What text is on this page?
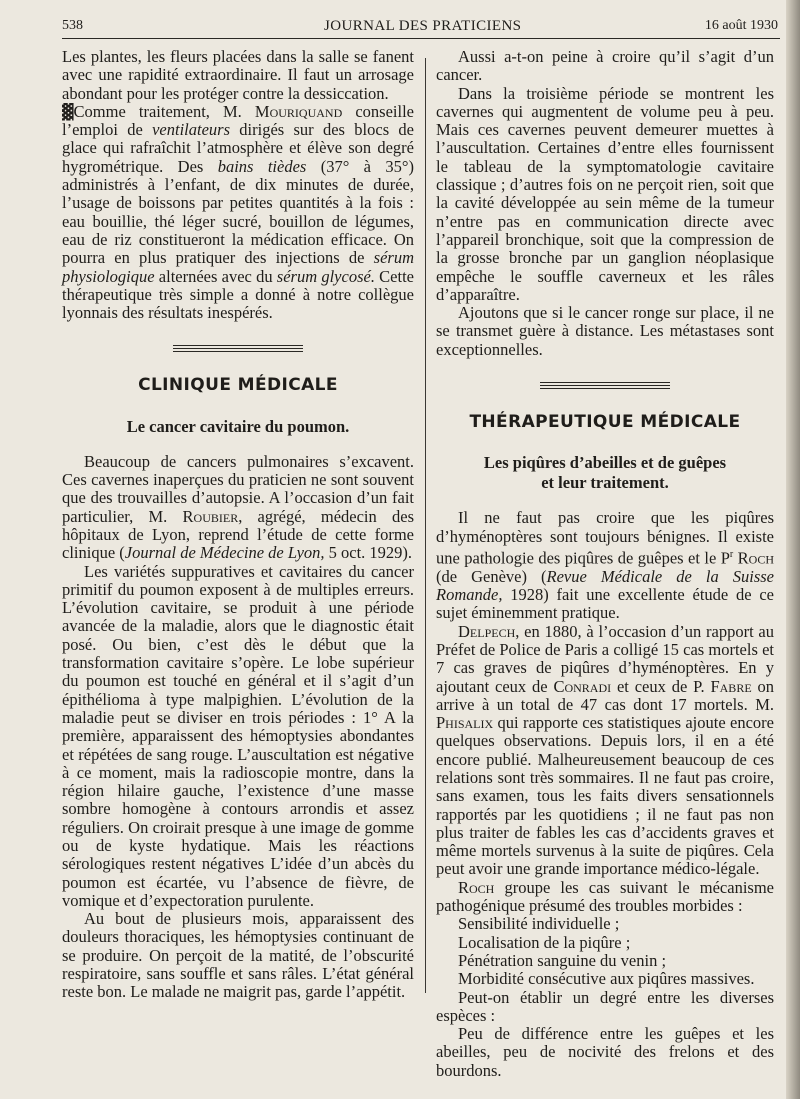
538	JOURNAL DES PRATICIENS	16 août 1930

Les plantes, les fleurs placées dans la salle se fanent avec une rapidité extraordinaire. Il faut un arrosage abondant pour les protéger contre la dessiccation.

▓Comme traitement, M. Mouriquand conseille l’emploi de ventilateurs dirigés sur des blocs de glace qui rafraîchit l’atmosphère et élève son degré hygrométrique. Des bains tièdes (37° à 35°) administrés à l’enfant, de dix minutes de durée, l’usage de boissons par petites quantités à la fois : eau bouillie, thé léger sucré, bouillon de légumes, eau de riz constitueront la médication efficace. On pourra en plus pratiquer des injections de sérum physiologique alternées avec du sérum glycosé. Cette thérapeutique très simple a donné à notre collègue lyonnais des résultats inespérés.

CLINIQUE MÉDICALE
Le cancer cavitaire du poumon.

Beaucoup de cancers pulmonaires s’excavent. Ces cavernes inaperçues du praticien ne sont souvent que des trouvailles d’autopsie. A l’occasion d’un fait particulier, M. Roubier, agrégé, médecin des hôpitaux de Lyon, reprend l’étude de cette forme clinique (Journal de Médecine de Lyon, 5 oct. 1929).

Les variétés suppuratives et cavitaires du cancer primitif du poumon exposent à de multiples erreurs. L’évolution cavitaire, se produit à une période avancée de la maladie, alors que le diagnostic était posé. Ou bien, c’est dès le début que la transformation cavitaire s’opère. Le lobe supérieur du poumon est touché en général et il s’agit d’un épithélioma à type malpighien. L’évolution de la maladie peut se diviser en trois périodes : 1° A la première, apparaissent des hémoptysies abondantes et répétées de sang rouge. L’auscultation est négative à ce moment, mais la radioscopie montre, dans la région hilaire gauche, l’existence d’une masse sombre homogène à contours arrondis et assez réguliers. On croirait presque à une image de gomme ou de kyste hydatique. Mais les réactions sérologiques restent négatives L’idée d’un abcès du poumon est écartée, vu l’absence de fièvre, de vomique et d’expectoration purulente.

Au bout de plusieurs mois, apparaissent des douleurs thoraciques, les hémoptysies continuant de se produire. On perçoit de la matité, de l’obscurité respiratoire, sans souffle et sans râles. L’état général reste bon. Le malade ne maigrit pas, garde l’appétit.

Aussi a-t-on peine à croire qu’il s’agit d’un cancer.

Dans la troisième période se montrent les cavernes qui augmentent de volume peu à peu. Mais ces cavernes peuvent demeurer muettes à l’auscultation. Certaines d’entre elles fournissent le tableau de la symptomatologie cavitaire classique ; d’autres fois on ne perçoit rien, soit que la cavité développée au sein même de la tumeur n’entre pas en communication directe avec l’appareil bronchique, soit que la compression de la grosse bronche par un ganglion néoplasique empêche le souffle caverneux et les râles d’apparaître.

Ajoutons que si le cancer ronge sur place, il ne se transmet guère à distance. Les métastases sont exceptionnelles.

THÉRAPEUTIQUE MÉDICALE
Les piqûres d’abeilles et de guêpes
et leur traitement.

Il ne faut pas croire que les piqûres d’hyménoptères sont toujours bénignes. Il existe une pathologie des piqûres de guêpes et le $P^r$ Roch (de Genève) (Revue Médicale de la Suisse Romande, 1928) fait une excellente étude de ce sujet éminemment pratique.

Delpech, en 1880, à l’occasion d’un rapport au Préfet de Police de Paris a colligé 15 cas mortels et 7 cas graves de piqûres d’hyménoptères. En y ajoutant ceux de Conradi et ceux de P. Fabre on arrive à un total de 47 cas dont 17 mortels. M. Phisalix qui rapporte ces statistiques ajoute encore quelques observations. Depuis lors, il en a été encore publié. Malheureusement beaucoup de ces relations sont très sommaires. Il ne faut pas croire, sans examen, tous les faits divers sensationnels rapportés par les quotidiens ; il ne faut pas non plus traiter de fables les cas d’accidents graves et même mortels survenus à la suite de piqûres. Cela peut avoir une grande importance médico-légale.

Roch groupe les cas suivant le mécanisme pathogénique présumé des troubles morbides :

Sensibilité individuelle ;

Localisation de la piqûre ;

Pénétration sanguine du venin ;

Morbidité consécutive aux piqûres massives.

Peut-on établir un degré entre les diverses espèces :

Peu de différence entre les guêpes et les abeilles, peu de nocivité des frelons et des bourdons.
